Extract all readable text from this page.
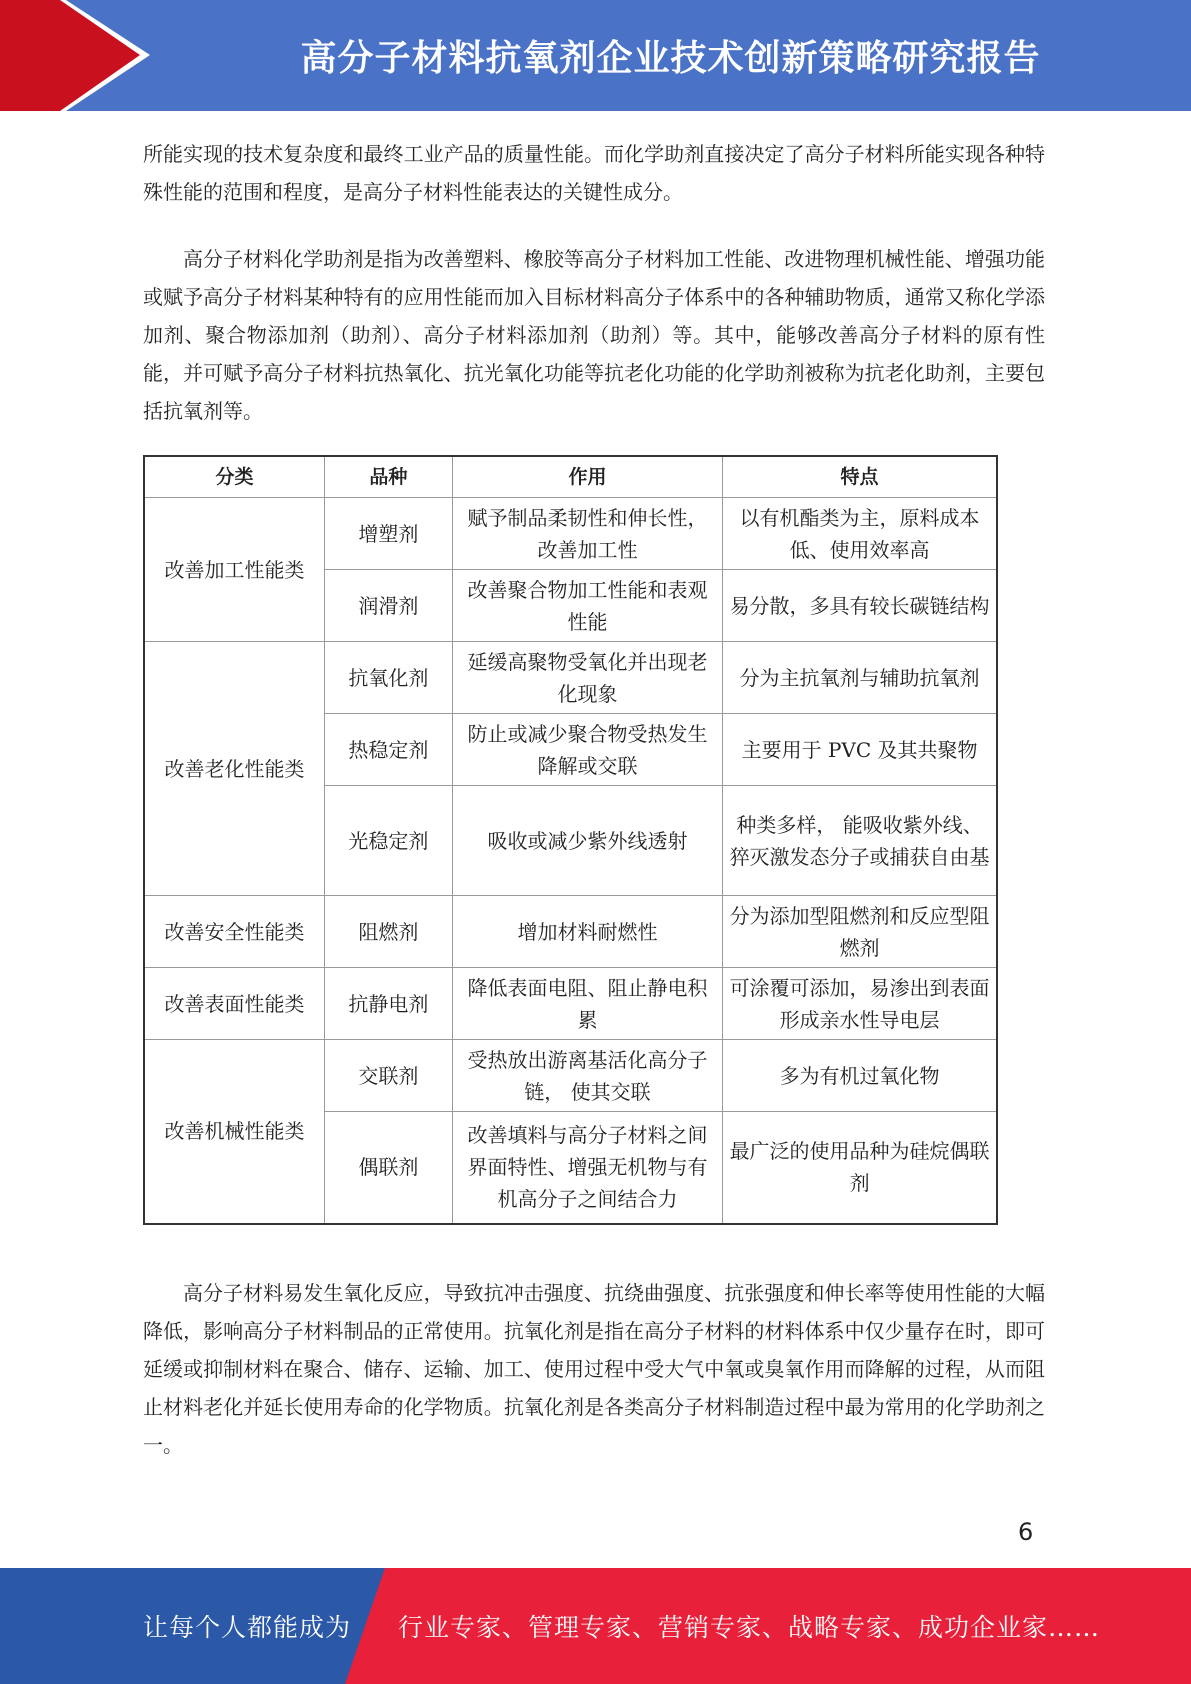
高分子材料抗氧剂企业技术创新策略研究报告

所能实现的技术复杂度和最终工业产品的质量性能。而化学助剂直接决定了高分子材料所能实现各种特殊性能的范围和程度，是高分子材料性能表达的关键性成分。

高分子材料化学助剂是指为改善塑料、橡胶等高分子材料加工性能、改进物理机械性能、增强功能或赋予高分子材料某种特有的应用性能而加入目标材料高分子体系中的各种辅助物质，通常又称化学添加剂、聚合物添加剂（助剂）、高分子材料添加剂（助剂）等。其中，能够改善高分子材料的原有性能，并可赋予高分子材料抗热氧化、抗光氧化功能等抗老化功能的化学助剂被称为抗老化助剂，主要包括抗氧剂等。

分类	品种	作用	特点
改善加工性能类	增塑剂	赋予制品柔韧性和伸长性，改善加工性	以有机酯类为主，原料成本低、使用效率高
	润滑剂	改善聚合物加工性能和表观性能	易分散，多具有较长碳链结构
改善老化性能类	抗氧化剂	延缓高聚物受氧化并出现老化现象	分为主抗氧剂与辅助抗氧剂
	热稳定剂	防止或减少聚合物受热发生降解或交联	主要用于 PVC 及其共聚物
	光稳定剂	吸收或减少紫外线透射	种类多样， 能吸收紫外线、猝灭激发态分子或捕获自由基
改善安全性能类	阻燃剂	增加材料耐燃性	分为添加型阻燃剂和反应型阻燃剂
改善表面性能类	抗静电剂	降低表面电阻、阻止静电积累	可涂覆可添加，易渗出到表面形成亲水性导电层
改善机械性能类	交联剂	受热放出游离基活化高分子链， 使其交联	多为有机过氧化物
	偶联剂	改善填料与高分子材料之间界面特性、增强无机物与有机高分子之间结合力	最广泛的使用品种为硅烷偶联剂

高分子材料易发生氧化反应，导致抗冲击强度、抗绕曲强度、抗张强度和伸长率等使用性能的大幅降低，影响高分子材料制品的正常使用。抗氧化剂是指在高分子材料的材料体系中仅少量存在时，即可延缓或抑制材料在聚合、储存、运输、加工、使用过程中受大气中氧或臭氧作用而降解的过程，从而阻止材料老化并延长使用寿命的化学物质。抗氧化剂是各类高分子材料制造过程中最为常用的化学助剂之一。

6
让每个人都能成为 行业专家、管理专家、营销专家、战略专家、成功企业家……
